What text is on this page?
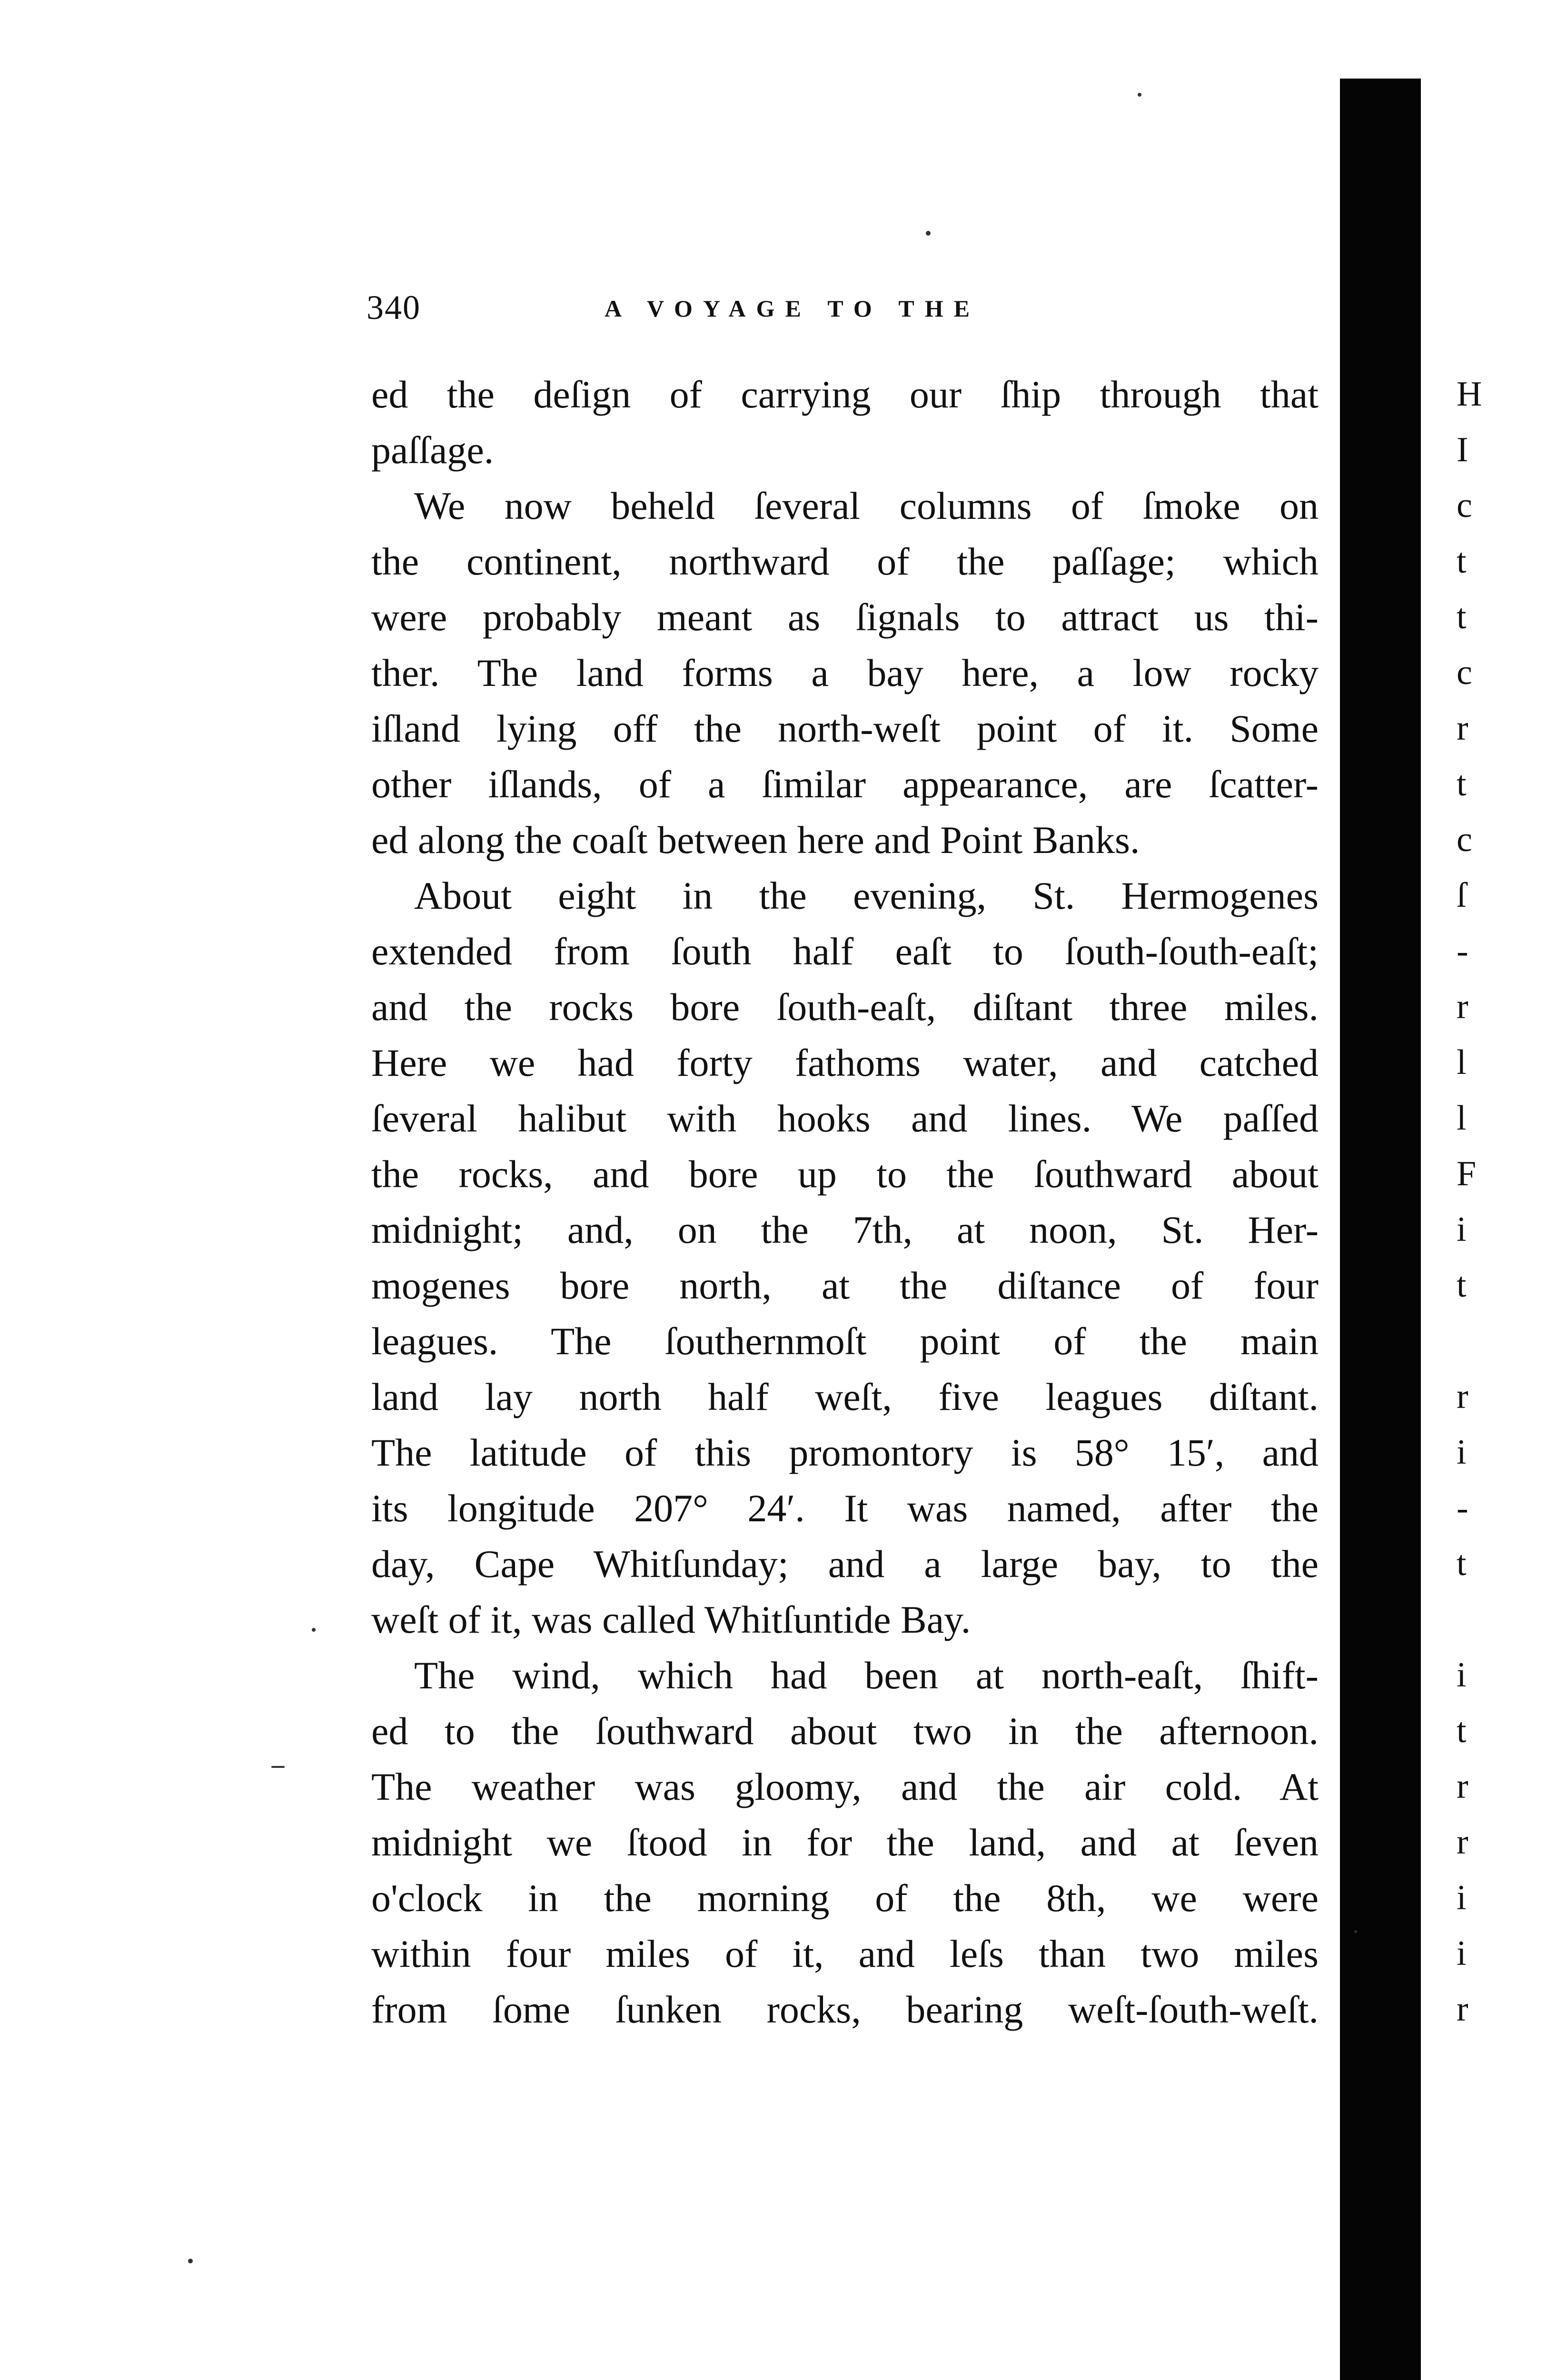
340	A VOYAGE TO THE
ed the deſign of carrying our ſhip through that
paſſage.
We now beheld ſeveral columns of ſmoke on
the continent, northward of the paſſage; which
were probably meant as ſignals to attract us thi-
ther. The land forms a bay here, a low rocky
iſland lying off the north-weſt point of it. Some
other iſlands, of a ſimilar appearance, are ſcatter-
ed along the coaſt between here and Point Banks.
About eight in the evening, St. Hermogenes
extended from ſouth half eaſt to ſouth-ſouth-eaſt;
and the rocks bore ſouth-eaſt, diſtant three miles.
Here we had forty fathoms water, and catched
ſeveral halibut with hooks and lines. We paſſed
the rocks, and bore up to the ſouthward about
midnight; and, on the 7th, at noon, St. Her-
mogenes bore north, at the diſtance of four
leagues. The ſouthernmoſt point of the main
land lay north half weſt, five leagues diſtant.
The latitude of this promontory is 58° 15′, and
its longitude 207° 24′. It was named, after the
day, Cape Whitſunday; and a large bay, to the
weſt of it, was called Whitſuntide Bay.
The wind, which had been at north-eaſt, ſhift-
ed to the ſouthward about two in the afternoon.
The weather was gloomy, and the air cold. At
midnight we ſtood in for the land, and at ſeven
o'clock in the morning of the 8th, we were
within four miles of it, and leſs than two miles
from ſome ſunken rocks, bearing weſt-ſouth-weſt.
H
I
c
t
t
c
r
t
c
ſ
-
r
l
l
F
i
t
r
i
-
t
i
t
r
r
i
i
r
